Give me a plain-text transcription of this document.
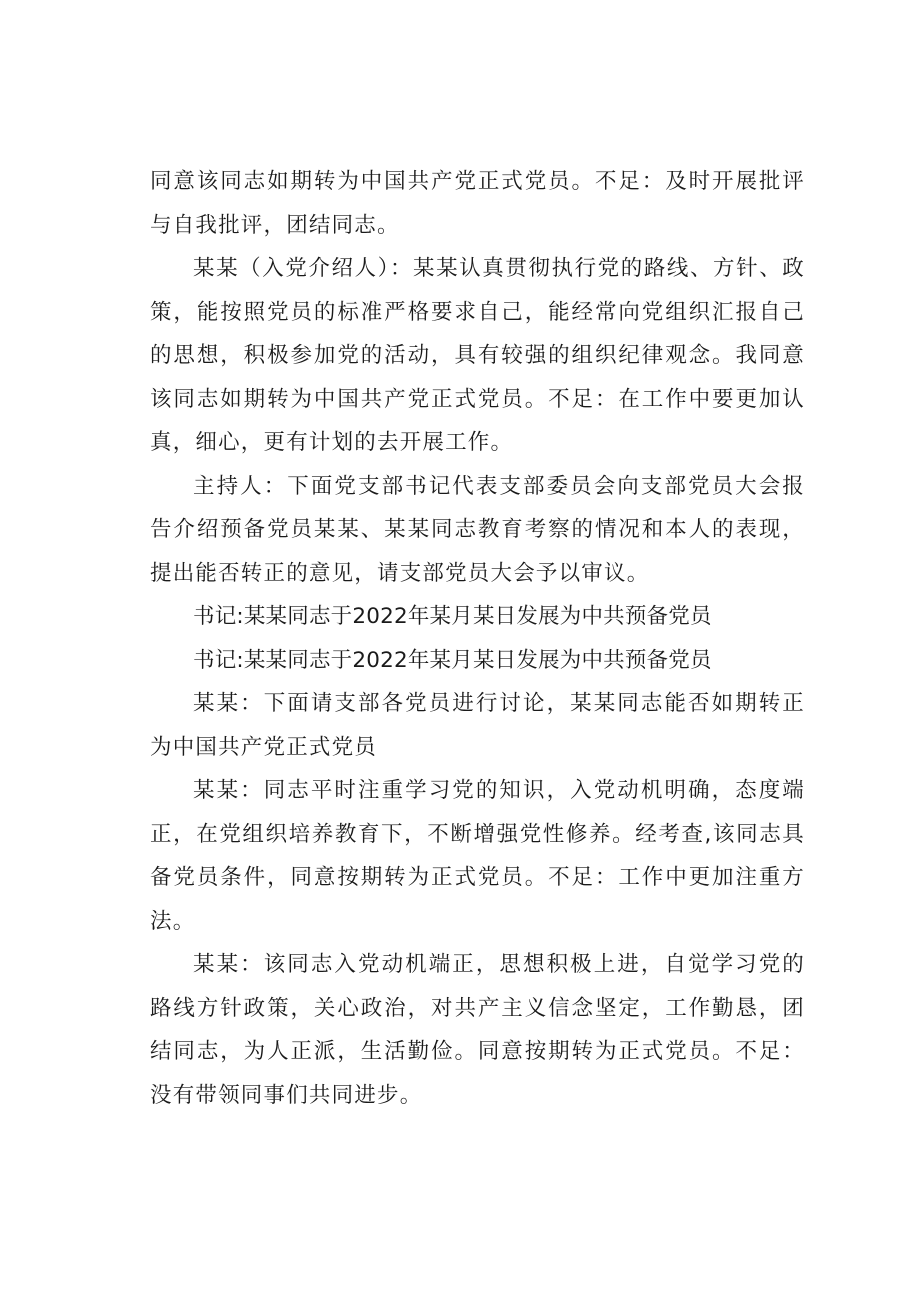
同意该同志如期转为中国共产党正式党员。不足：及时开展批评与自我批评，团结同志。

某某（入党介绍人）：某某认真贯彻执行党的路线、方针、政策，能按照党员的标准严格要求自己，能经常向党组织汇报自己的思想，积极参加党的活动，具有较强的组织纪律观念。我同意该同志如期转为中国共产党正式党员。不足：在工作中要更加认真，细心，更有计划的去开展工作。

主持人：下面党支部书记代表支部委员会向支部党员大会报告介绍预备党员某某、某某同志教育考察的情况和本人的表现，提出能否转正的意见，请支部党员大会予以审议。

书记:某某同志于2022年某月某日发展为中共预备党员

书记:某某同志于2022年某月某日发展为中共预备党员

某某：下面请支部各党员进行讨论，某某同志能否如期转正为中国共产党正式党员

某某：同志平时注重学习党的知识，入党动机明确，态度端正，在党组织培养教育下，不断增强党性修养。经考查,该同志具备党员条件，同意按期转为正式党员。不足：工作中更加注重方法。

某某：该同志入党动机端正，思想积极上进，自觉学习党的路线方针政策，关心政治，对共产主义信念坚定，工作勤恳，团结同志，为人正派，生活勤俭。同意按期转为正式党员。不足：没有带领同事们共同进步。
